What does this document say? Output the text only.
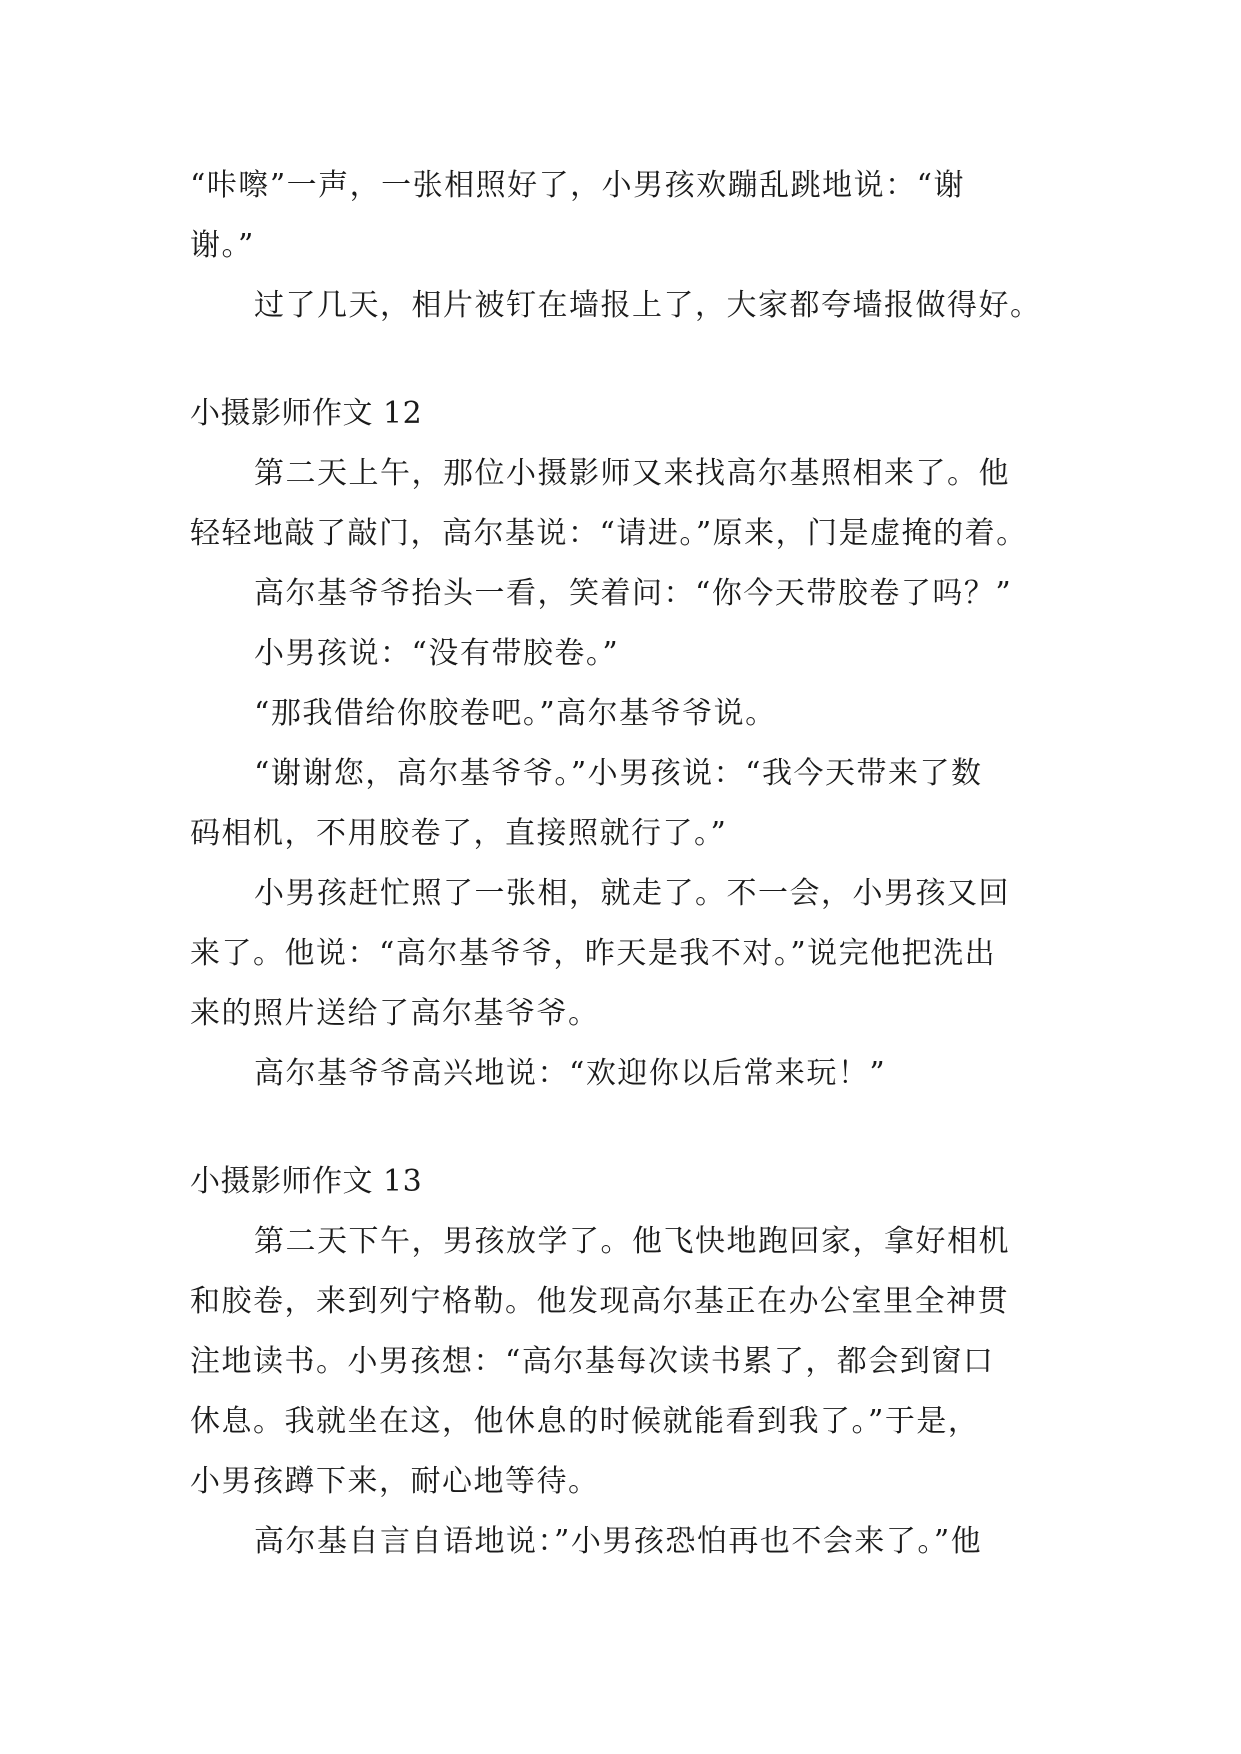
“咔嚓”一声，一张相照好了，小男孩欢蹦乱跳地说：“谢
谢。”
过了几天，相片被钉在墙报上了，大家都夸墙报做得好。
小摄影师作文 12
第二天上午，那位小摄影师又来找高尔基照相来了。他
轻轻地敲了敲门，高尔基说：“请进。”原来，门是虚掩的着。
高尔基爷爷抬头一看，笑着问：“你今天带胶卷了吗？”
小男孩说：“没有带胶卷。”
“那我借给你胶卷吧。”高尔基爷爷说。
“谢谢您，高尔基爷爷。”小男孩说：“我今天带来了数
码相机，不用胶卷了，直接照就行了。”
小男孩赶忙照了一张相，就走了。不一会，小男孩又回
来了。他说：“高尔基爷爷，昨天是我不对。”说完他把洗出
来的照片送给了高尔基爷爷。
高尔基爷爷高兴地说：“欢迎你以后常来玩！”
小摄影师作文 13
第二天下午，男孩放学了。他飞快地跑回家，拿好相机
和胶卷，来到列宁格勒。他发现高尔基正在办公室里全神贯
注地读书。小男孩想：“高尔基每次读书累了，都会到窗口
休息。我就坐在这，他休息的时候就能看到我了。”于是，
小男孩蹲下来，耐心地等待。
高尔基自言自语地说：”小男孩恐怕再也不会来了。”他
